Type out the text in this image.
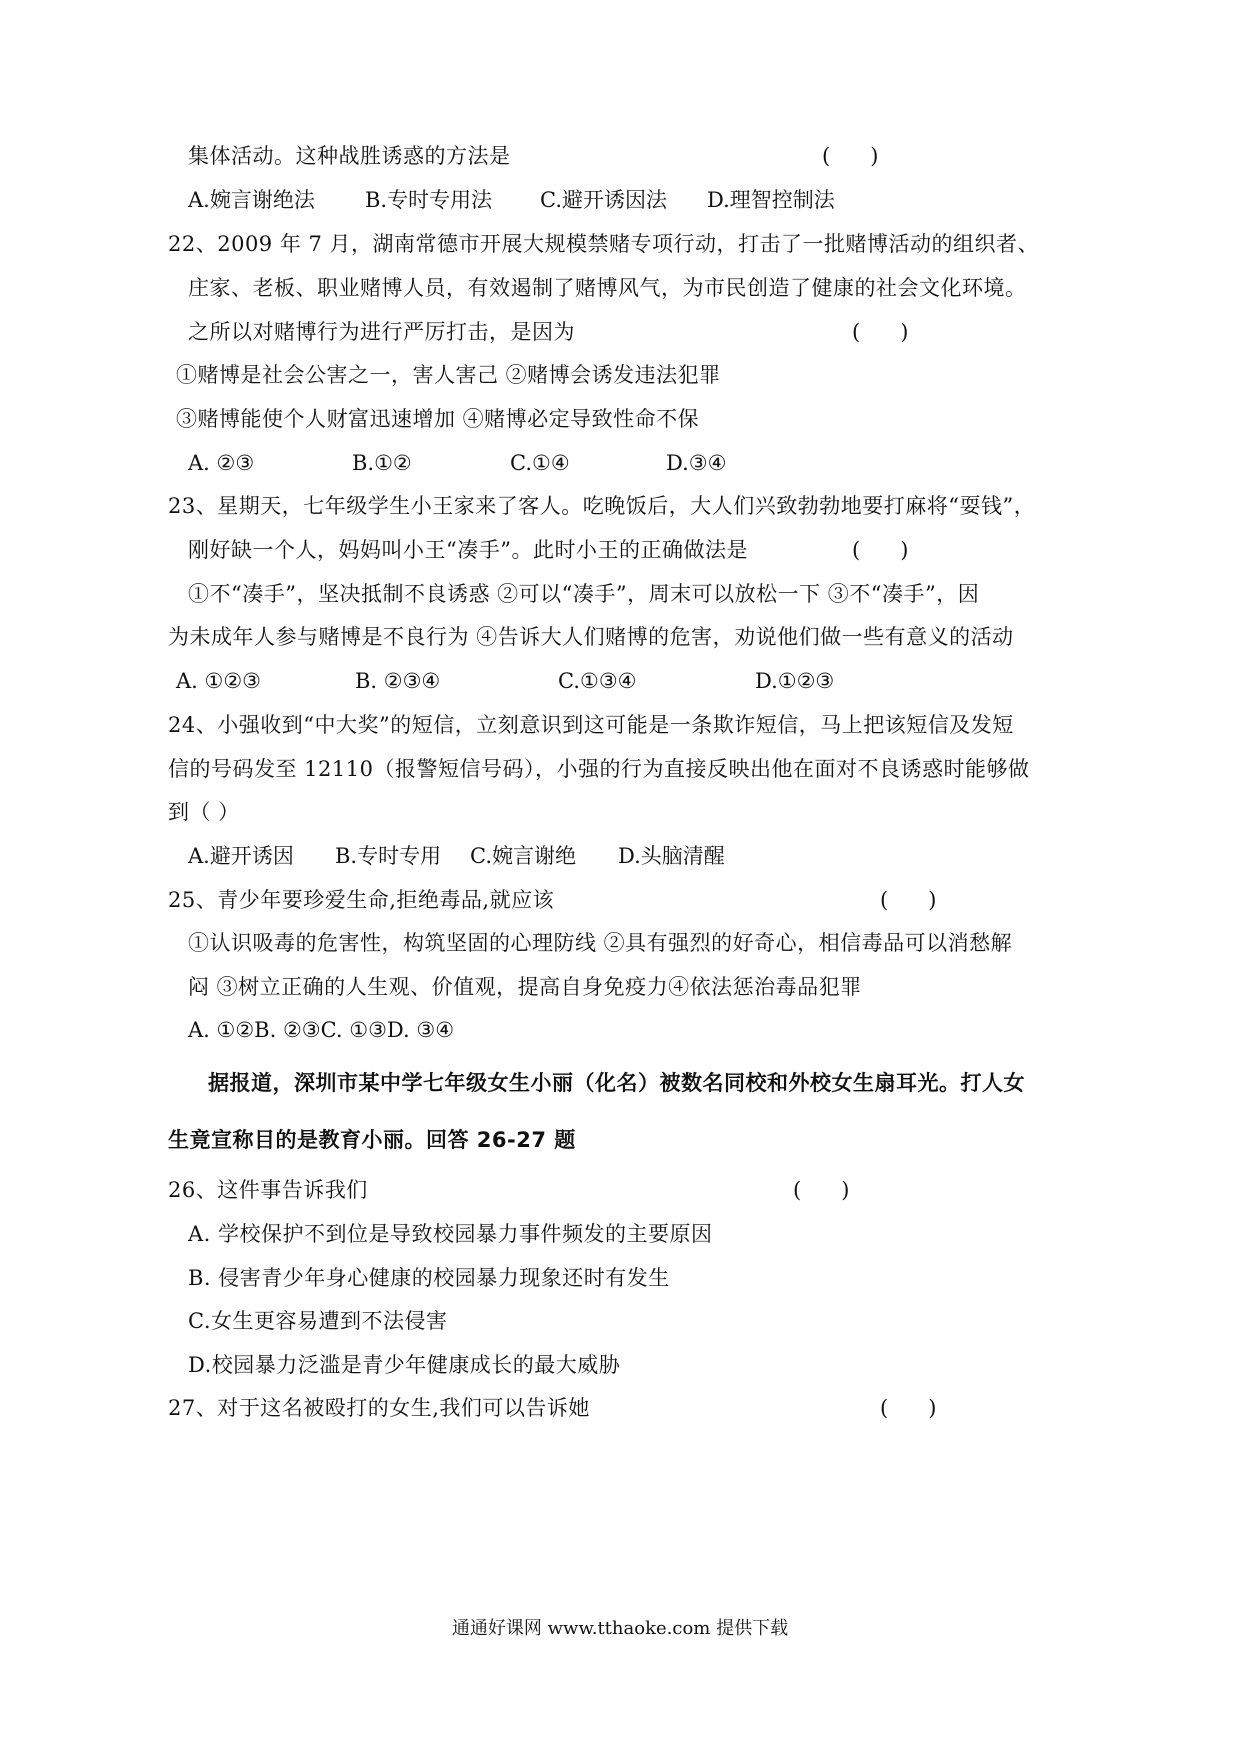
集体活动。这种战胜诱惑的方法是	(      )
A.婉言谢绝法 B.专时专用法 C.避开诱因法 D.理智控制法
22、2009 年 7 月，湖南常德市开展大规模禁赌专项行动，打击了一批赌博活动的组织者、
庄家、老板、职业赌博人员，有效遏制了赌博风气，为市民创造了健康的社会文化环境。
之所以对赌博行为进行严厉打击，是因为	(      )
①赌博是社会公害之一，害人害己 ②赌博会诱发违法犯罪
③赌博能使个人财富迅速增加 ④赌博必定导致性命不保
A. ②③	B.①②	C.①④	D.③④
23、星期天，七年级学生小王家来了客人。吃晚饭后，大人们兴致勃勃地要打麻将“耍钱”，
刚好缺一个人，妈妈叫小王“凑手”。此时小王的正确做法是	(      )
①不“凑手”，坚决抵制不良诱惑 ②可以“凑手”，周末可以放松一下 ③不“凑手”，因
为未成年人参与赌博是不良行为 ④告诉大人们赌博的危害，劝说他们做一些有意义的活动
A. ①②③	B. ②③④	C.①③④	D.①②③
24、小强收到“中大奖”的短信，立刻意识到这可能是一条欺诈短信，马上把该短信及发短
信的号码发至 12110（报警短信号码），小强的行为直接反映出他在面对不良诱惑时能够做
到（ ）
A.避开诱因 B.专时专用 C.婉言谢绝 D.头脑清醒
25、青少年要珍爱生命,拒绝毒品,就应该	(      )
①认识吸毒的危害性，构筑坚固的心理防线 ②具有强烈的好奇心，相信毒品可以消愁解
闷 ③树立正确的人生观、价值观，提高自身免疫力④依法惩治毒品犯罪
A. ①②B. ②③C. ①③D. ③④
据报道，深圳市某中学七年级女生小丽（化名）被数名同校和外校女生扇耳光。打人女
生竟宣称目的是教育小丽。回答 26-27 题
26、这件事告诉我们	(      )
A. 学校保护不到位是导致校园暴力事件频发的主要原因
B. 侵害青少年身心健康的校园暴力现象还时有发生
C.女生更容易遭到不法侵害
D.校园暴力泛滥是青少年健康成长的最大威胁
27、对于这名被殴打的女生,我们可以告诉她	(      )
通通好课网 www.tthaoke.com 提供下载
